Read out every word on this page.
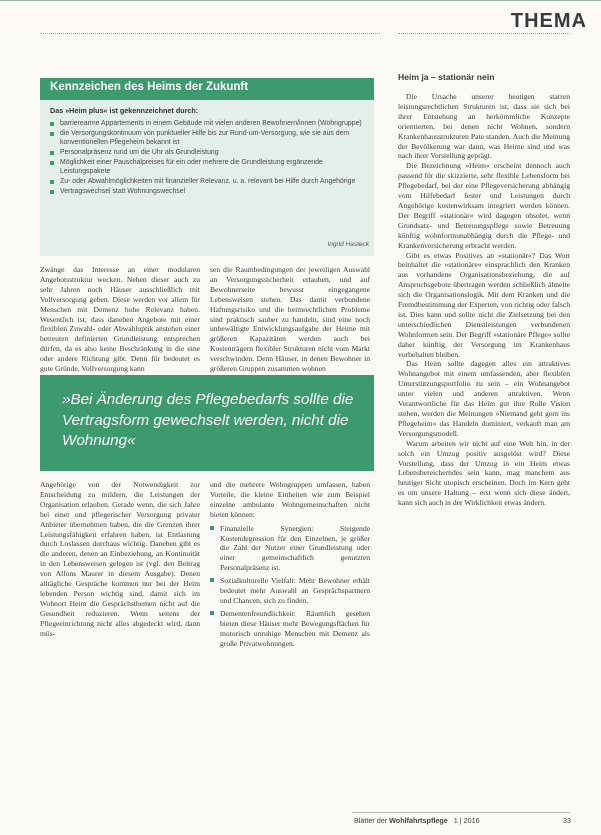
THEMA
Kennzeichen des Heims der Zukunft
Das »Heim plus« ist gekennzeichnet durch:
barrierearme Appartements in einem Gebäude mit vielen anderen Bewohnern/innen (Wohngruppe)
die Versorgungskontinuum von punktueller Hilfe bis zur Rund-um-Versorgung, wie sie aus dem konventionellen Pflegeheim bekannt ist
Personalpräsenz rund um die Uhr als Grundleistung
Möglichkeit einer Pauschalpreises für ein oder mehrere die Grundleistung ergänzende Leistungspakete
Zu- oder Abwahlmöglichkeiten mit finanzieller Relevanz, u. a. relevant bei Hilfe durch Angehörige
Vertragswechsel statt Wohnungswechsel
Ingrid Hasteck

Zwänge das Interesse an einer modularen Angebotsstruktur wecken. Neben dieser auch zu sehr Jahren noch Häuser ausschließlich mit Vollversorgung geben. Diese werden vor allem für Menschen mit Demenz hohe Relevanz haben. Wesentlich ist, dass daneben Angebote mit einer flexiblen Zuwahl- oder Abwahloptik anstehen einer betreuten definierten Grundleistung entsprechen dürfen, da es also keine Beschränkung in die eine oder andere Richtung gibt. Denn für bedeutet es gute Gründe, Vollversorgung kann

sen die Raumbedingungen der jeweiligen Auswahl an Versorgungssicherheit erlauben, und auf Bewohnerseite bewusst eingegangene Lebensweisen stehen. Das damit verbundene Haftungsrisiko und die heimrechtlichen Probleme sind praktisch sauber zu handeln, sind eine noch unbewältigte Entwicklungsaufgabe der Heime mit größeren Kapazitäten werden auch bei Kostenträgern flexibler Strukturen nicht vom Markt verschwinden. Denn Häuser, in denen Bewohner in größeren Gruppen zusammen wohnen

»Bei Änderung des Pflegebedarfs sollte die Vertragsform gewechselt werden, nicht die Wohnung«

Angehörige von der Notwendigkeit zur Entscheidung zu mildern, die Leistungen der Organisation erlauben. Gerade wenn, die sich Jahre bei einer und pflegerischer Versorgung privater Anbieter übernehmen haben, die die Grenzen ihrer Leistungsfähigkeit erfahren haben, ist Entlastung durch Loslassen durchaus wichtig. Daneben gibt es die anderen, denen an Einbeziehung, an Kontinuität in den Lebensweisen gelegen ist (vgl. den Beitrag von Alfons Maurer in diesem Ausgabe). Denen alltägliche Gespräche kommen nur bei der Heim lebenden Person wichtig sind, damit sich im Wohnort Heim die Gesprächsthemen nicht auf die Gesundheit reduzieren. Wenn seitens der Pflegeeinrichtung nicht alles abgedeckt wird, dann müs-

und die mehrere Wohngruppen umfassen, haben Vorteile, die kleine Einheiten wie zum Beispiel einzelne ambulante Wohngemeinschaften nicht bieten können:

Finanzielle Synergien: Steigende Kostendegression für den Einzelnen, je größer die Zahl der Nutzer einer Grundleistung oder einer gemeinschaftlich genutzten Personalpräsenz ist.
Sozialkulturelle Vielfalt: Mehr Bewohner erhält bedeutet mehr Auswahl an Gesprächspartnern und Chancen, sich zu finden.
Dementenfreundlichkeit: Räumlich gesehen bieten diese Häuser mehr Bewegungsflächen für motorisch unruhige Menschen mit Demenz als große Privatwohnungen.
Heim ja – stationär nein

Die Ursache unserer heutigen starren leistungsrechtlichen Strukturen ist, dass sie sich bei ihrer Entstehung an herkömmliche Konzepte orientierten, bei denen nicht Wohnen, sondern Krankenhausstrukturen Pate standen. Auch die Meinung der Bevölkerung war dann, was Heime sind und was nach ihrer Vorstellung geprägt.

Die Bezeichnung »Heim« erscheint dennoch auch passend für die skizzierte, sehr flexible Lebensform bei Pflegebedarf, bei der eine Pflegeversicherung abhängig vom Hilfebedarf fester und Leistungen durch Angehörige kostenwirksam integriert werden können. Der Begriff »stationär« wird dagegen obsolet, wenn Grundsatz- und Betreuungspflege sowie Betreuung künftig wohnformunabhängig durch die Pflege- und Krankenversicherung erbracht werden.

Gibt es etwas Positives an »stationär«? Das Wort beinhaltet die »stationäre« einsprachlich den Kranken aus vorhandene Organisationsbeziehung, die auf Anspruchsgebote übertragen werden schließlich ähnelte sich die Organisationslogik. Mit dem Kranken und die Fremdbestimmung der Experten, von richtig oder falsch ist. Dies kann und sollte nicht die Zielsetzung bei den unterschiedlichen Dienstleistungen verbundenen Wohnformen sein. Der Begriff »stationäre Pflege« sollte daher künftig der Versorgung im Krankenhaus vorbehalten bleiben.

Das Heim sollte dagegen alles ein attraktives Wohnangebot mit einem umfassenden, aber flexiblen Unterstützungsportfolio zu sein – ein Wohnangebot unter vielen und anderen attraktiven. Wenn Verantwortliche für das Heim gut ihre Rolle Vision stehen, werden die Meinungen »Niemand geht gern ins Pflegeheim« das Handeln dominiert, verkauft man am Versorgungsmodell.

Warum arbeiten wir nicht auf eine Welt hin, in der solch ein Umzug positiv ausgelöst wird? Diese Vorstellung, dass der Umzug in ein Heim etwas Lebensbereicherndes sein kann, mag manchem aus heutiger Sicht utopisch erscheinen. Doch im Kern geht es um unsere Haltung – erst wenn sich diese ändert, kann sich auch in der Wirklichkeit etwas ändern.

Blätter der Wohlfahrtspflege 1 | 2016	33
